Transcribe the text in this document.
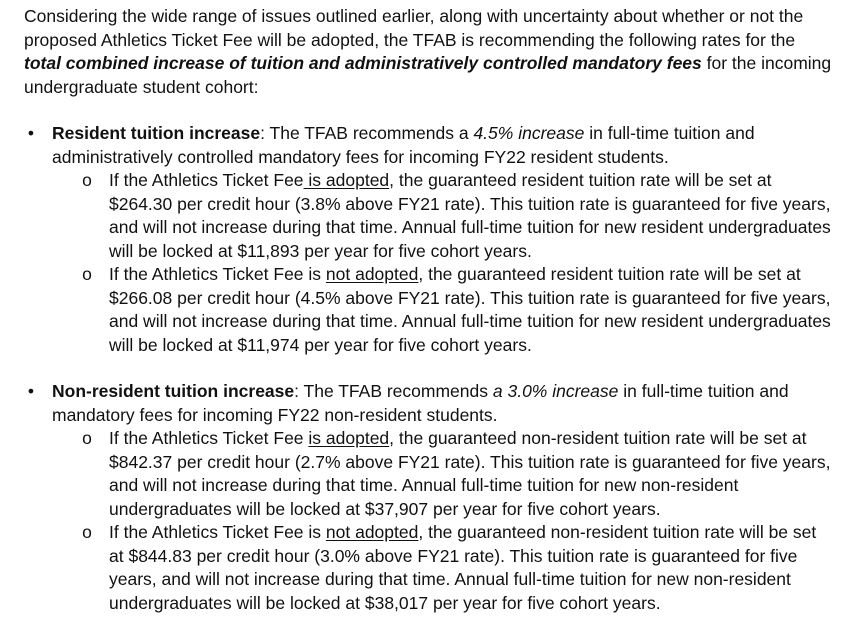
Considering the wide range of issues outlined earlier, along with uncertainty about whether or not the proposed Athletics Ticket Fee will be adopted, the TFAB is recommending the following rates for the total combined increase of tuition and administratively controlled mandatory fees for the incoming undergraduate student cohort:

• Resident tuition increase: The TFAB recommends a 4.5% increase in full-time tuition and administratively controlled mandatory fees for incoming FY22 resident students.
o If the Athletics Ticket Fee is adopted, the guaranteed resident tuition rate will be set at $264.30 per credit hour (3.8% above FY21 rate). This tuition rate is guaranteed for five years, and will not increase during that time. Annual full-time tuition for new resident undergraduates will be locked at $11,893 per year for five cohort years.
o If the Athletics Ticket Fee is not adopted, the guaranteed resident tuition rate will be set at $266.08 per credit hour (4.5% above FY21 rate). This tuition rate is guaranteed for five years, and will not increase during that time. Annual full-time tuition for new resident undergraduates will be locked at $11,974 per year for five cohort years.
• Non-resident tuition increase: The TFAB recommends a 3.0% increase in full-time tuition and mandatory fees for incoming FY22 non-resident students.
o If the Athletics Ticket Fee is adopted, the guaranteed non-resident tuition rate will be set at $842.37 per credit hour (2.7% above FY21 rate). This tuition rate is guaranteed for five years, and will not increase during that time. Annual full-time tuition for new non-resident undergraduates will be locked at $37,907 per year for five cohort years.
o If the Athletics Ticket Fee is not adopted, the guaranteed non-resident tuition rate will be set at $844.83 per credit hour (3.0% above FY21 rate). This tuition rate is guaranteed for five years, and will not increase during that time. Annual full-time tuition for new non-resident undergraduates will be locked at $38,017 per year for five cohort years.
